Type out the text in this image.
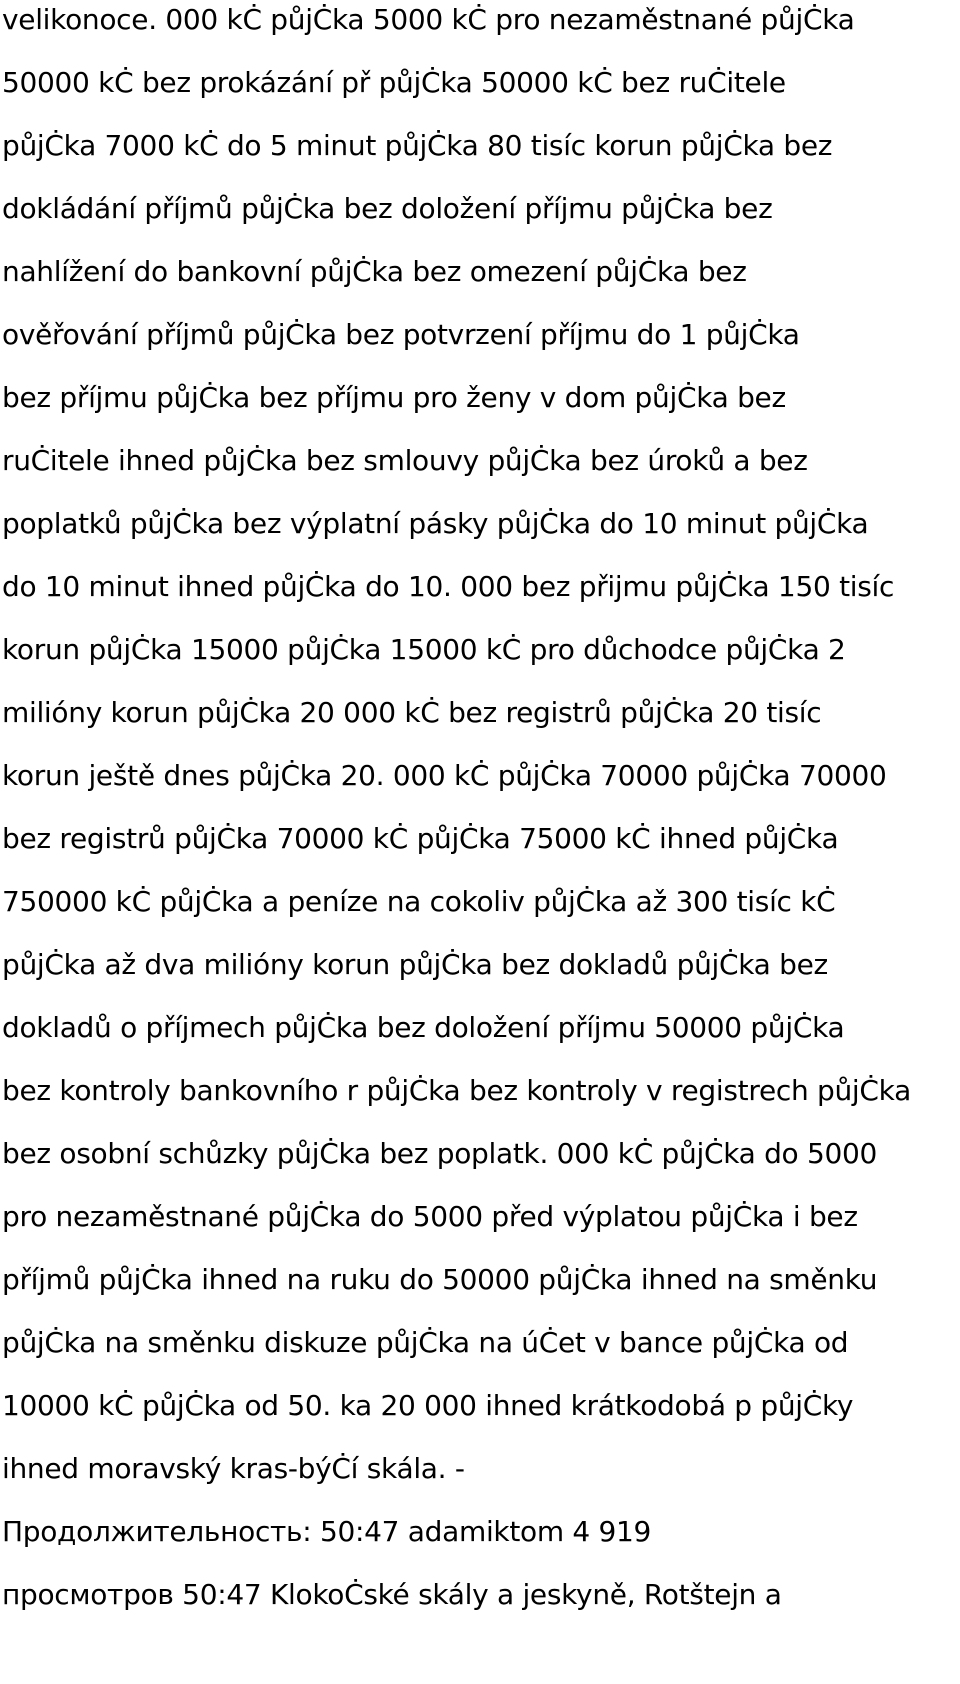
velikonoce. 000 kĊ půjĊka 5000 kĊ pro nezaměstnané půjĊka
50000 kĊ bez prokázání př půjĊka 50000 kĊ bez ruĊitele
půjĊka 7000 kĊ do 5 minut půjĊka 80 tisíc korun půjĊka bez
dokládání příjmů půjĊka bez doložení příjmu půjĊka bez
nahlížení do bankovní půjĊka bez omezení půjĊka bez
ověřování příjmů půjĊka bez potvrzení příjmu do 1 půjĊka
bez příjmu půjĊka bez příjmu pro ženy v dom půjĊka bez
ruĊitele ihned půjĊka bez smlouvy půjĊka bez úroků a bez
poplatků půjĊka bez výplatní pásky půjĊka do 10 minut půjĊka
do 10 minut ihned půjĊka do 10. 000 bez přijmu půjĊka 150 tisíc
korun půjĊka 15000 půjĊka 15000 kĊ pro důchodce půjĊka 2
milióny korun půjĊka 20 000 kĊ bez registrů půjĊka 20 tisíc
korun ještě dnes půjĊka 20. 000 kĊ půjĊka 70000 půjĊka 70000
bez registrů půjĊka 70000 kĊ půjĊka 75000 kĊ ihned půjĊka
750000 kĊ půjĊka a peníze na cokoliv půjĊka až 300 tisíc kĊ
půjĊka až dva milióny korun půjĊka bez dokladů půjĊka bez
dokladů o příjmech půjĊka bez doložení příjmu 50000 půjĊka
bez kontroly bankovního r půjĊka bez kontroly v registrech půjĊka
bez osobní schůzky půjĊka bez poplatk. 000 kĊ půjĊka do 5000
pro nezaměstnané půjĊka do 5000 před výplatou půjĊka i bez
příjmů půjĊka ihned na ruku do 50000 půjĊka ihned na směnku
půjĊka na směnku diskuze půjĊka na úĊet v bance půjĊka od
10000 kĊ půjĊka od 50. ka 20 000 ihned krátkodobá p půjĊky
ihned moravský kras-býĊí skála. -
Продолжительность: 50:47 adamiktom 4 919
просмотров 50:47 KlokoĊské skály a jeskyně, Rotštejn a
